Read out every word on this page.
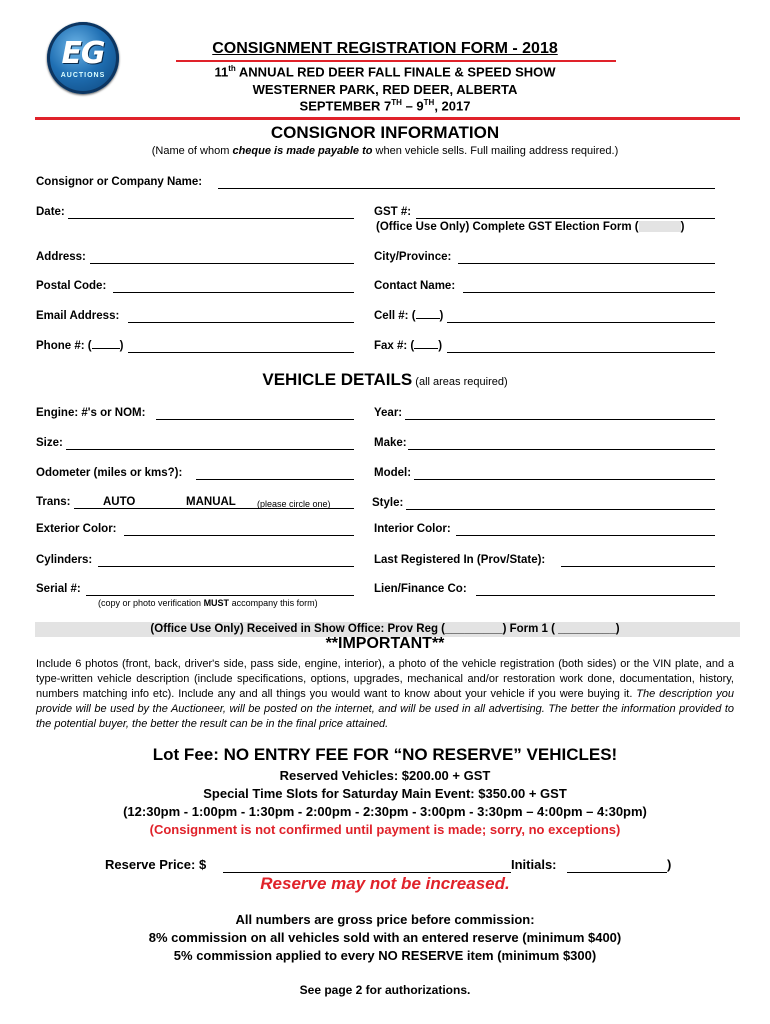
EG
AUCTIONS
CONSIGNMENT REGISTRATION FORM - 2018
11th ANNUAL RED DEER FALL FINALE & SPEED SHOW
WESTERNER PARK, RED DEER, ALBERTA
SEPTEMBER 7TH – 9TH, 2017
CONSIGNOR INFORMATION
(Name of whom cheque is made payable to when vehicle sells. Full mailing address required.)
Consignor or Company Name:
Date:	GST #:
(Office Use Only) Complete GST Election Form (	)
Address:	City/Province:
Postal Code:	Contact Name:
Email Address:	Cell #: ( )
Phone #: ( )	Fax #: ( )
VEHICLE DETAILS (all areas required)
Engine: #'s or NOM:	Year:
Size:	Make:
Odometer (miles or kms?):	Model:
Trans:	AUTO	MANUAL (please circle one)	Style:
Exterior Color:	Interior Color:
Cylinders:	Last Registered In (Prov/State):
Serial #:	Lien/Finance Co:
(copy or photo verification MUST accompany this form)
(Office Use Only) Received in Show Office: Prov Reg (_________) Form 1 ( _________)
**IMPORTANT**
Include 6 photos (front, back, driver's side, pass side, engine, interior), a photo of the vehicle registration (both sides) or the VIN plate, and a type-written vehicle description (include specifications, options, upgrades, mechanical and/or restoration work done, documentation, history, numbers matching info etc). Include any and all things you would want to know about your vehicle if you were buying it. The description you provide will be used by the Auctioneer, will be posted on the internet, and will be used in all advertising. The better the information provided to the potential buyer, the better the result can be in the final price attained.
Lot Fee: NO ENTRY FEE FOR “NO RESERVE” VEHICLES!
Reserved Vehicles: $200.00 + GST
Special Time Slots for Saturday Main Event: $350.00 + GST
(12:30pm - 1:00pm - 1:30pm - 2:00pm - 2:30pm - 3:00pm - 3:30pm – 4:00pm – 4:30pm)
(Consignment is not confirmed until payment is made; sorry, no exceptions)
Reserve Price: $	Initials:	)
Reserve may not be increased.
All numbers are gross price before commission:
8% commission on all vehicles sold with an entered reserve (minimum $400)
5% commission applied to every NO RESERVE item (minimum $300)
See page 2 for authorizations.
